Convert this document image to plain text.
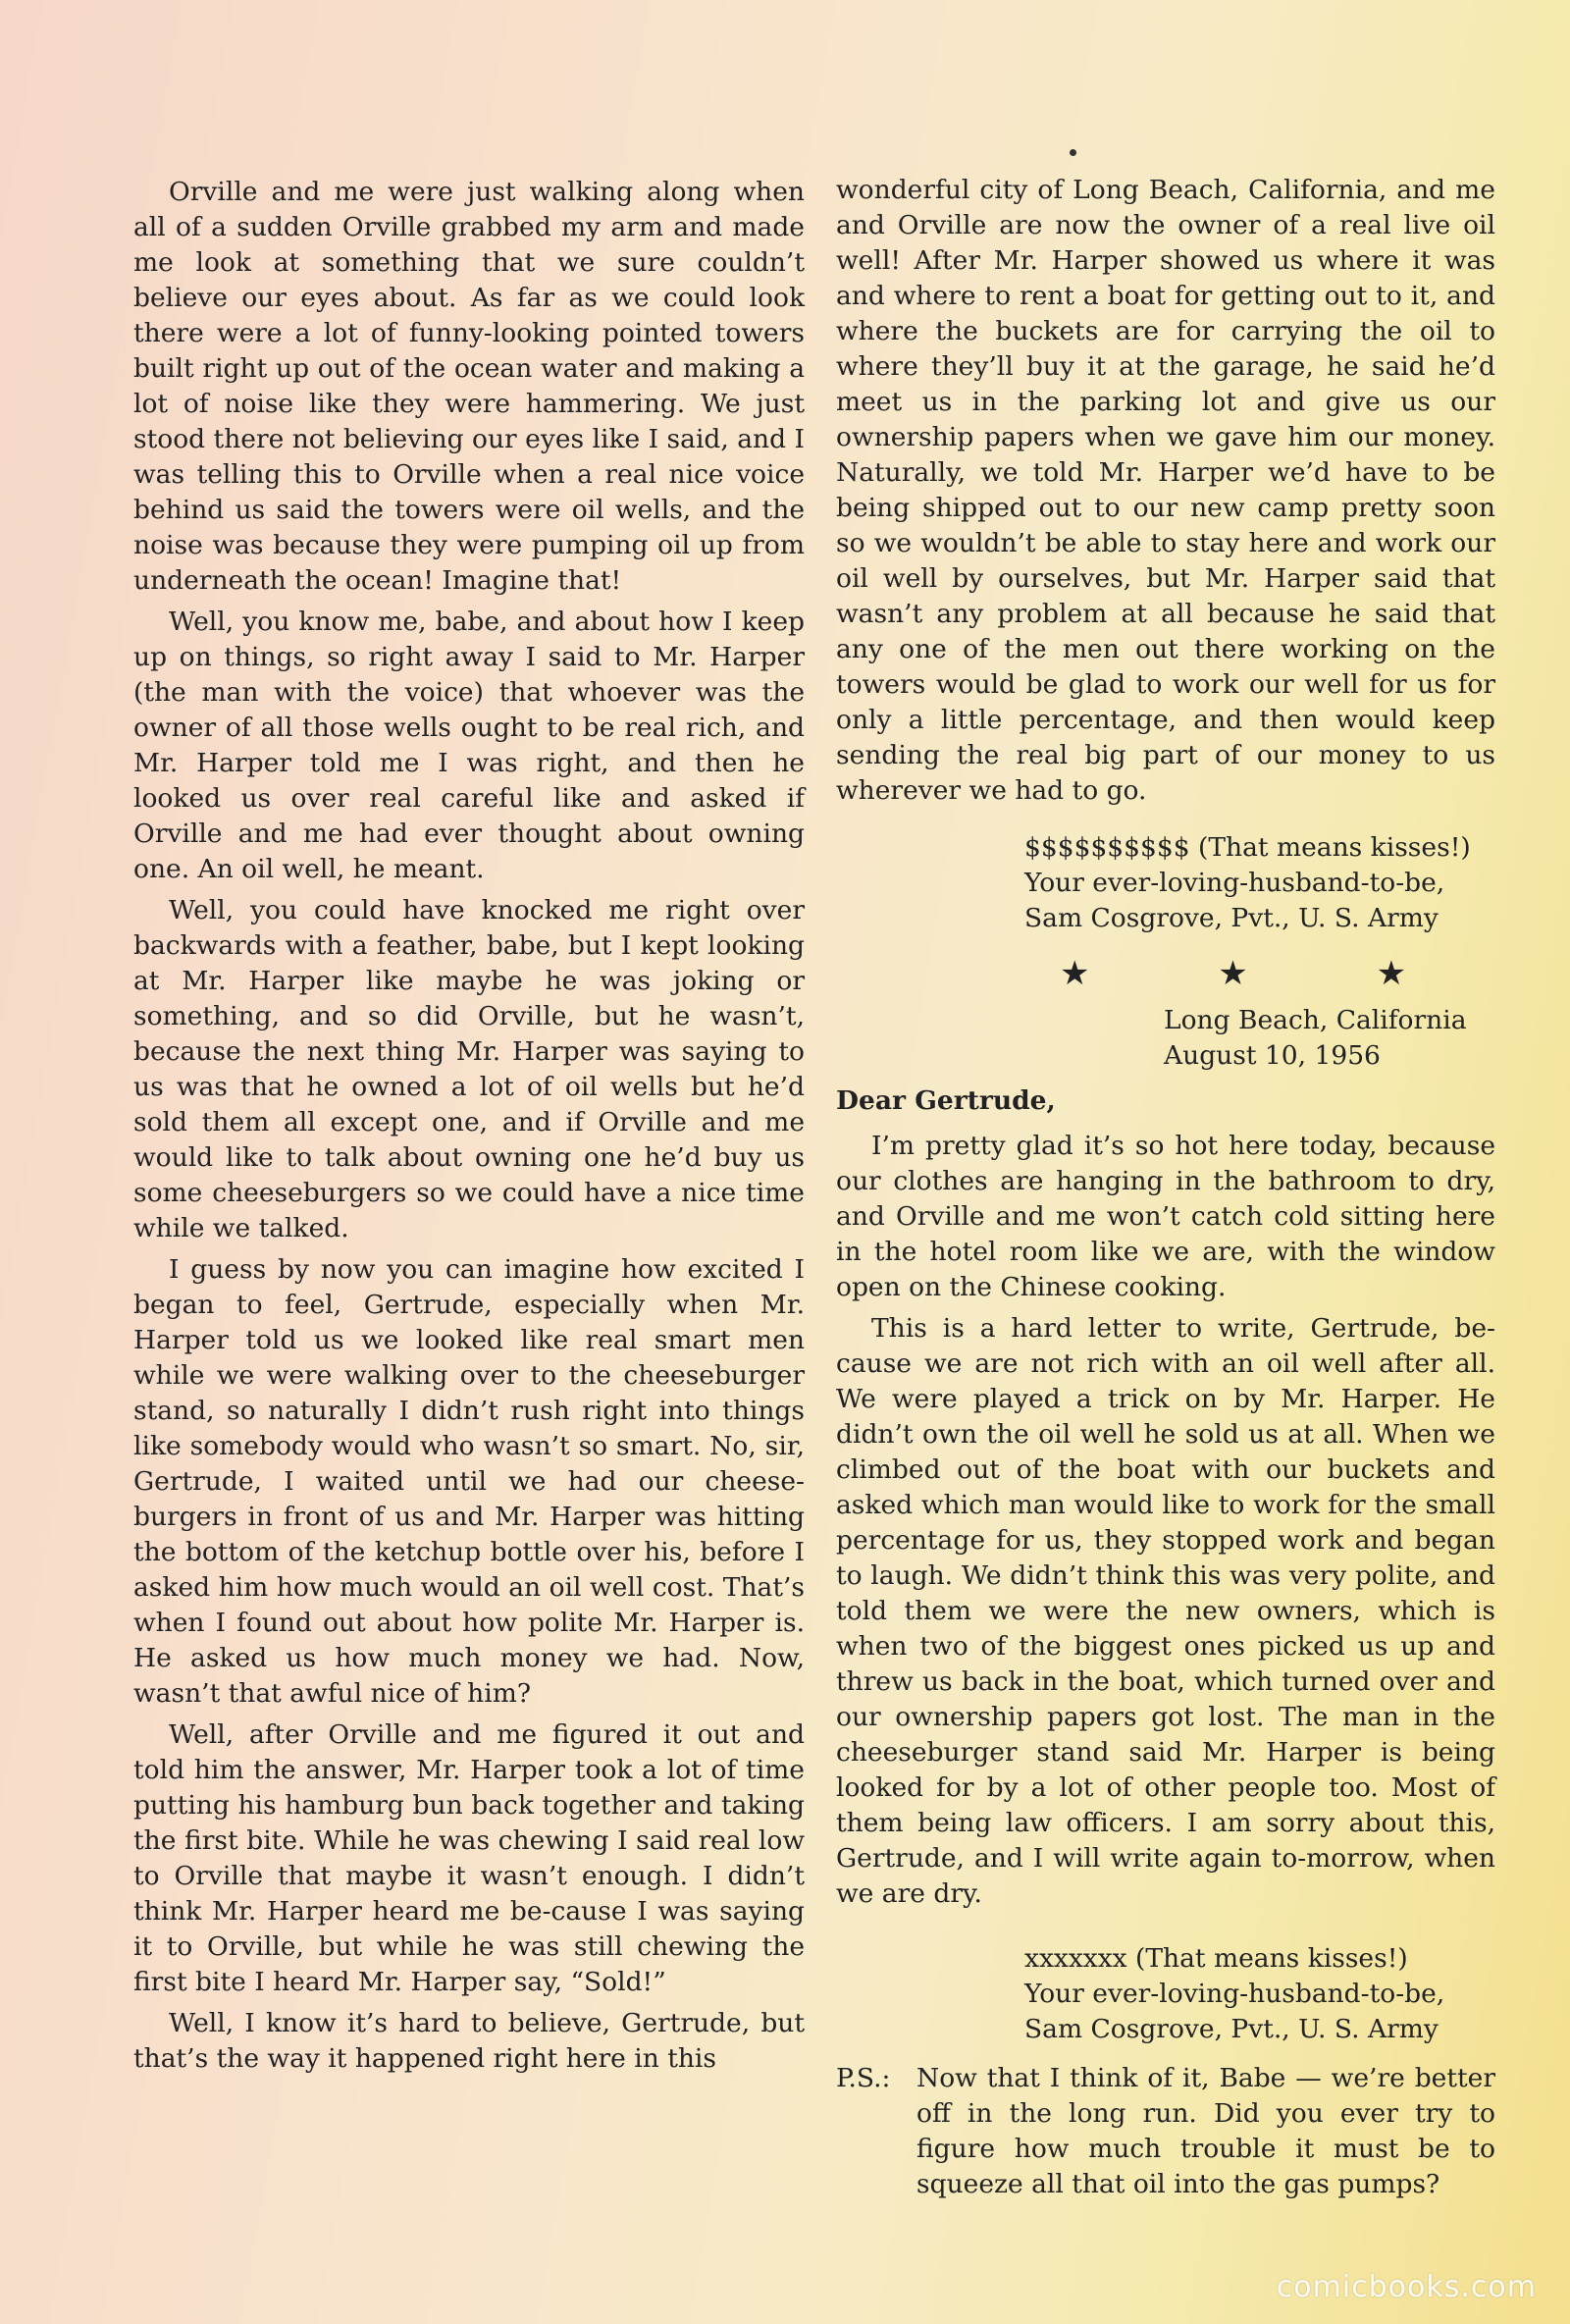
Orville and me were just walking along when all of a sudden Orville grabbed my arm and made me look at something that we sure couldn’t believe our eyes about. As far as we could look there were a lot of funny-looking pointed towers built right up out of the ocean water and making a lot of noise like they were hammering. We just stood there not believing our eyes like I said, and I was telling this to Orville when a real nice voice behind us said the towers were oil wells, and the noise was because they were pumping oil up from underneath the ocean! Imagine that!

Well, you know me, babe, and about how I keep up on things, so right away I said to Mr. Harper (the man with the voice) that whoever was the owner of all those wells ought to be real rich, and Mr. Harper told me I was right, and then he looked us over real careful like and asked if Orville and me had ever thought about owning one. An oil well, he meant.

Well, you could have knocked me right over backwards with a feather, babe, but I kept looking at Mr. Harper like maybe he was joking or something, and so did Orville, but he wasn’t, because the next thing Mr. Harper was saying to us was that he owned a lot of oil wells but he’d sold them all except one, and if Orville and me would like to talk about owning one he’d buy us some cheeseburgers so we could have a nice time while we talked.

I guess by now you can imagine how excited I began to feel, Gertrude, especially when Mr. Harper told us we looked like real smart men while we were walking over to the cheeseburger stand, so naturally I didn’t rush right into things like somebody would who wasn’t so smart. No, sir, Gertrude, I waited until we had our cheese-burgers in front of us and Mr. Harper was hitting the bottom of the ketchup bottle over his, before I asked him how much would an oil well cost. That’s when I found out about how polite Mr. Harper is. He asked us how much money we had. Now, wasn’t that awful nice of him?

Well, after Orville and me figured it out and told him the answer, Mr. Harper took a lot of time putting his hamburg bun back together and taking the first bite. While he was chewing I said real low to Orville that maybe it wasn’t enough. I didn’t think Mr. Harper heard me be-cause I was saying it to Orville, but while he was still chewing the first bite I heard Mr. Harper say, “Sold!”

Well, I know it’s hard to believe, Gertrude, but that’s the way it happened right here in this

wonderful city of Long Beach, California, and me and Orville are now the owner of a real live oil well! After Mr. Harper showed us where it was and where to rent a boat for getting out to it, and where the buckets are for carrying the oil to where they’ll buy it at the garage, he said he’d meet us in the parking lot and give us our ownership papers when we gave him our money. Naturally, we told Mr. Harper we’d have to be being shipped out to our new camp pretty soon so we wouldn’t be able to stay here and work our oil well by ourselves, but Mr. Harper said that wasn’t any problem at all because he said that any one of the men out there working on the towers would be glad to work our well for us for only a little percentage, and then would keep sending the real big part of our money to us wherever we had to go.

$$$$$$$$$$ (That means kisses!)
Your ever-loving-husband-to-be,
Sam Cosgrove, Pvt., U. S. Army
★ ★ ★
Long Beach, California
August 10, 1956

Dear Gertrude,

I’m pretty glad it’s so hot here today, because our clothes are hanging in the bathroom to dry, and Orville and me won’t catch cold sitting here in the hotel room like we are, with the window open on the Chinese cooking.

This is a hard letter to write, Gertrude, be-cause we are not rich with an oil well after all. We were played a trick on by Mr. Harper. He didn’t own the oil well he sold us at all. When we climbed out of the boat with our buckets and asked which man would like to work for the small percentage for us, they stopped work and began to laugh. We didn’t think this was very polite, and told them we were the new owners, which is when two of the biggest ones picked us up and threw us back in the boat, which turned over and our ownership papers got lost. The man in the cheeseburger stand said Mr. Harper is being looked for by a lot of other people too. Most of them being law officers. I am sorry about this, Gertrude, and I will write again to-morrow, when we are dry.

xxxxxxx (That means kisses!)
Your ever-loving-husband-to-be,
Sam Cosgrove, Pvt., U. S. Army
P.S.:	Now that I think of it, Babe — we’re better off in the long run. Did you ever try to figure how much trouble it must be to squeeze all that oil into the gas pumps?
comicbooks.com
